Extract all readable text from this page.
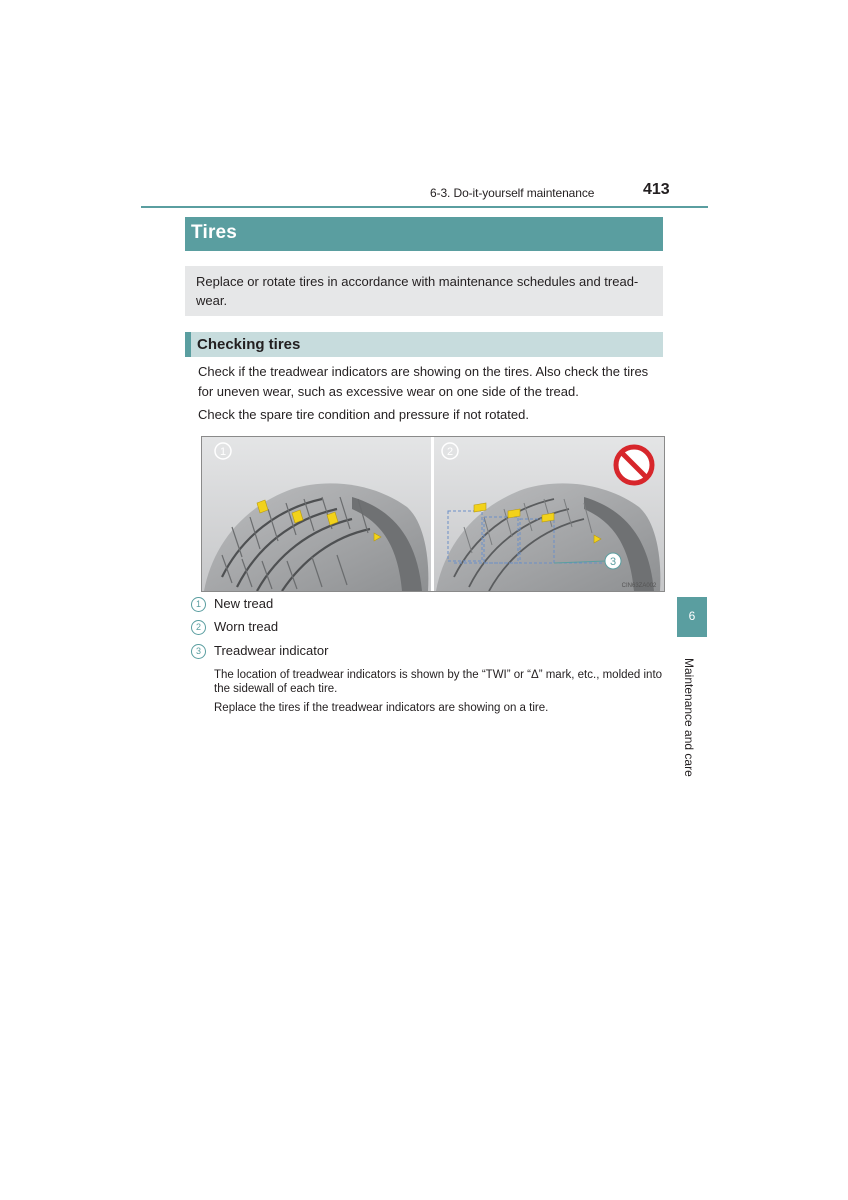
6-3. Do-it-yourself maintenance	413
Tires

Replace or rotate tires in accordance with maintenance schedules and tread-wear.

Checking tires

Check if the treadwear indicators are showing on the tires. Also check the tires for uneven wear, such as excessive wear on one side of the tread.

Check the spare tire condition and pressure if not rotated.

1
3
2
CIN63ZA002
1	New tread
2	Worn tread
3	Treadwear indicator

The location of treadwear indicators is shown by the “TWI” or “Δ” mark, etc., molded into the sidewall of each tire.

Replace the tires if the treadwear indicators are showing on a tire.

6
Maintenance and care
